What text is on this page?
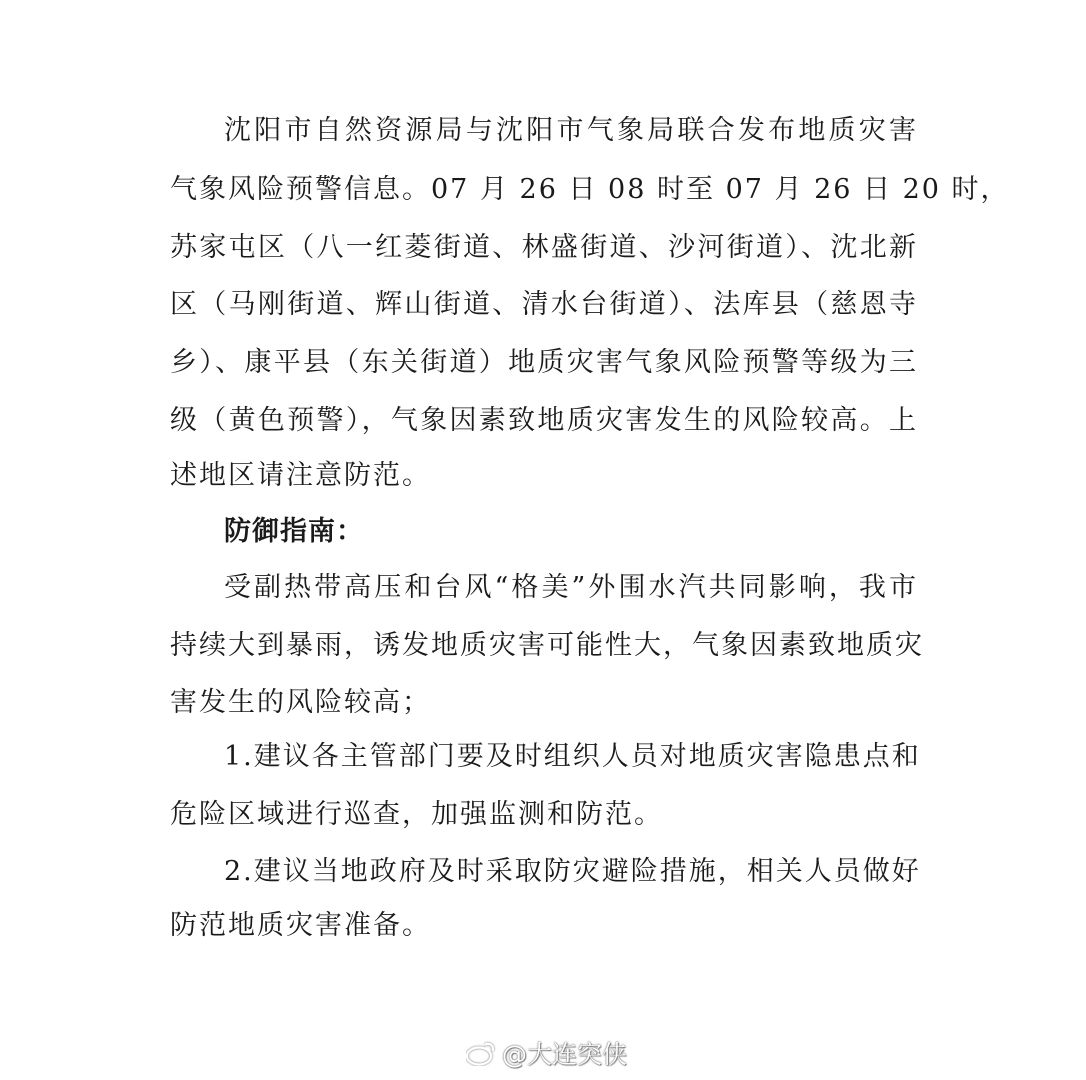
沈阳市自然资源局与沈阳市气象局联合发布地质灾害
气象风险预警信息。07 月 26 日 08 时至 07 月 26 日 20 时，
苏家屯区（八一红菱街道、林盛街道、沙河街道）、沈北新
区（马刚街道、辉山街道、清水台街道）、法库县（慈恩寺
乡）、康平县（东关街道）地质灾害气象风险预警等级为三
级（黄色预警），气象因素致地质灾害发生的风险较高。上
述地区请注意防范。
防御指南：
受副热带高压和台风“格美”外围水汽共同影响，我市
持续大到暴雨，诱发地质灾害可能性大，气象因素致地质灾
害发生的风险较高；
1.建议各主管部门要及时组织人员对地质灾害隐患点和
危险区域进行巡查，加强监测和防范。
2.建议当地政府及时采取防灾避险措施，相关人员做好
防范地质灾害准备。
@大连突侠
